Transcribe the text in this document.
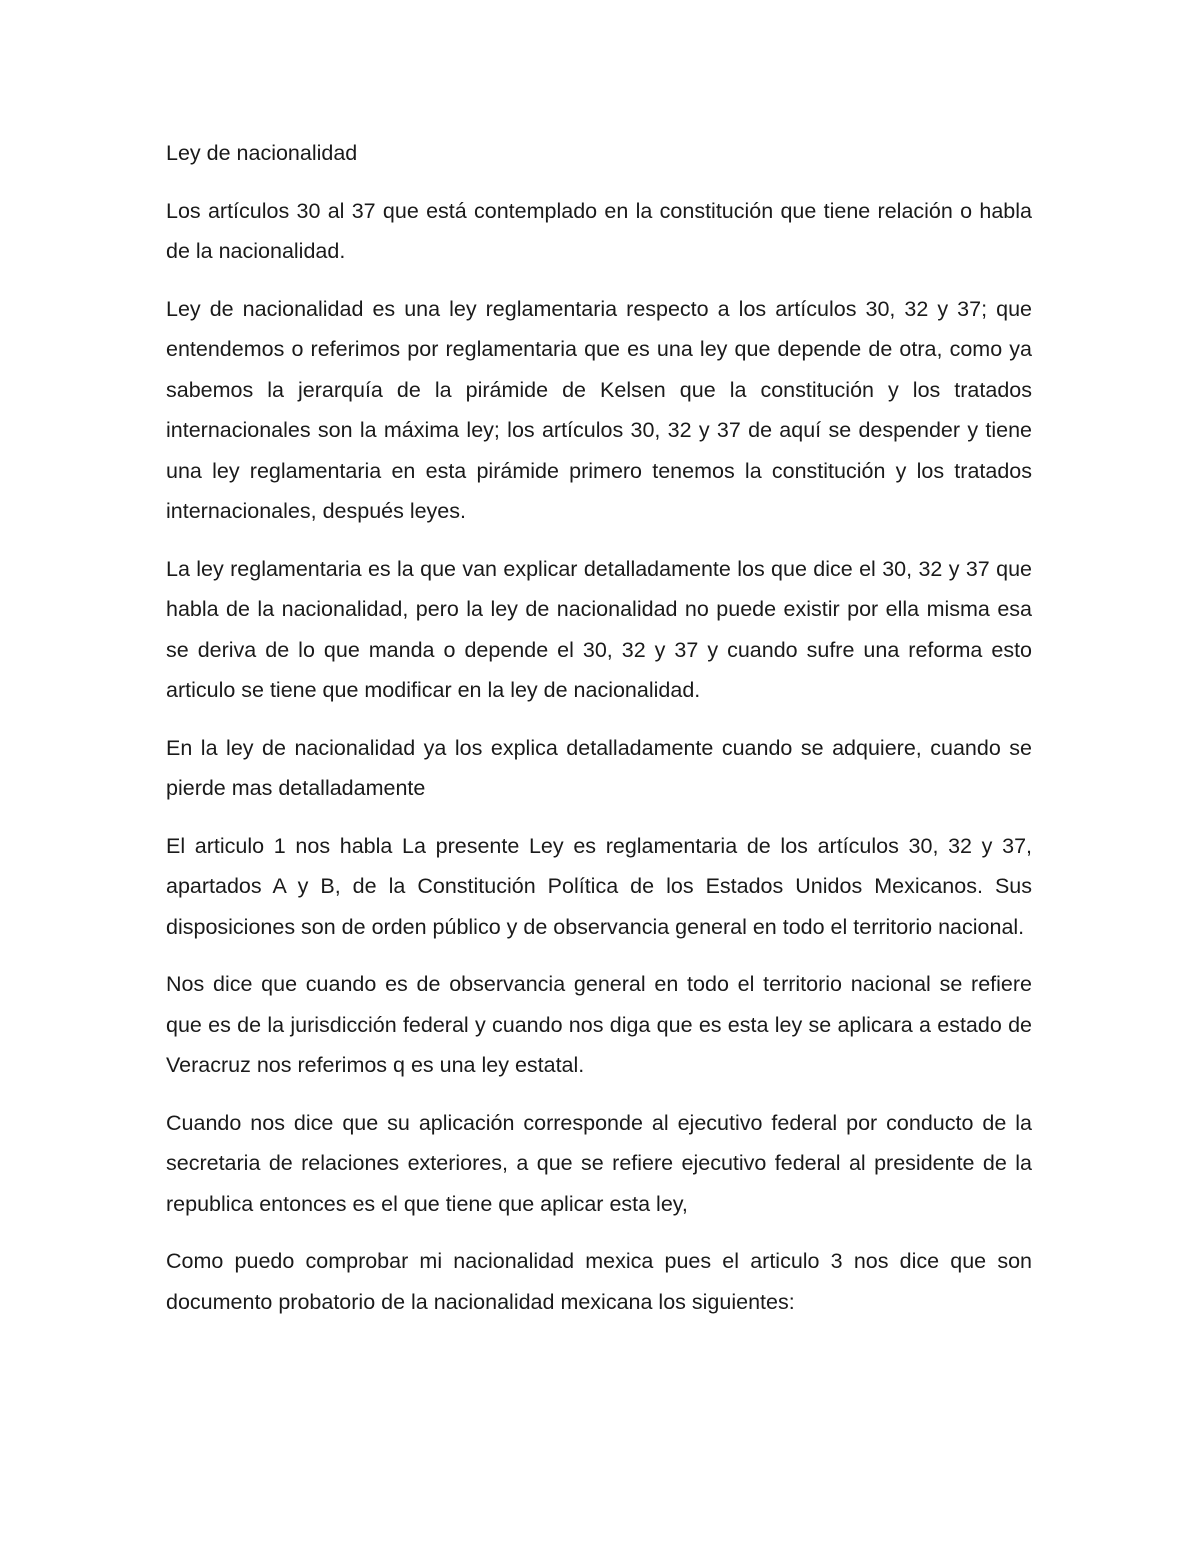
Ley de nacionalidad

Los artículos 30 al 37 que está contemplado en la constitución que tiene relación o habla de la nacionalidad.

Ley de nacionalidad es una ley reglamentaria respecto a los artículos 30, 32 y 37; que entendemos o referimos por reglamentaria que es una ley que depende de otra, como ya sabemos la jerarquía de la pirámide de Kelsen que la constitución y los tratados internacionales son la máxima ley; los artículos 30, 32 y 37 de aquí se despender y tiene una ley reglamentaria en esta pirámide primero tenemos la constitución y los tratados internacionales, después leyes.

La ley reglamentaria es la que van explicar detalladamente los que dice el 30, 32 y 37 que habla de la nacionalidad, pero la ley de nacionalidad no puede existir por ella misma esa se deriva de lo que manda o depende el 30, 32 y 37 y cuando sufre una reforma esto articulo se tiene que modificar en la ley de nacionalidad.

En la ley de nacionalidad ya los explica detalladamente cuando se adquiere, cuando se pierde mas detalladamente

El articulo 1 nos habla La presente Ley es reglamentaria de los artículos 30, 32 y 37, apartados A y B, de la Constitución Política de los Estados Unidos Mexicanos. Sus disposiciones son de orden público y de observancia general en todo el territorio nacional.

Nos dice que cuando es de observancia general en todo el territorio nacional se refiere que es de la jurisdicción federal y cuando nos diga que es esta ley se aplicara a estado de Veracruz nos referimos q es una ley estatal.

Cuando nos dice que su aplicación corresponde al ejecutivo federal por conducto de la secretaria de relaciones exteriores, a que se refiere ejecutivo federal al presidente de la republica entonces es el que tiene que aplicar esta ley,

Como puedo comprobar mi nacionalidad mexica pues el articulo 3 nos dice que son documento probatorio de la nacionalidad mexicana los siguientes:
